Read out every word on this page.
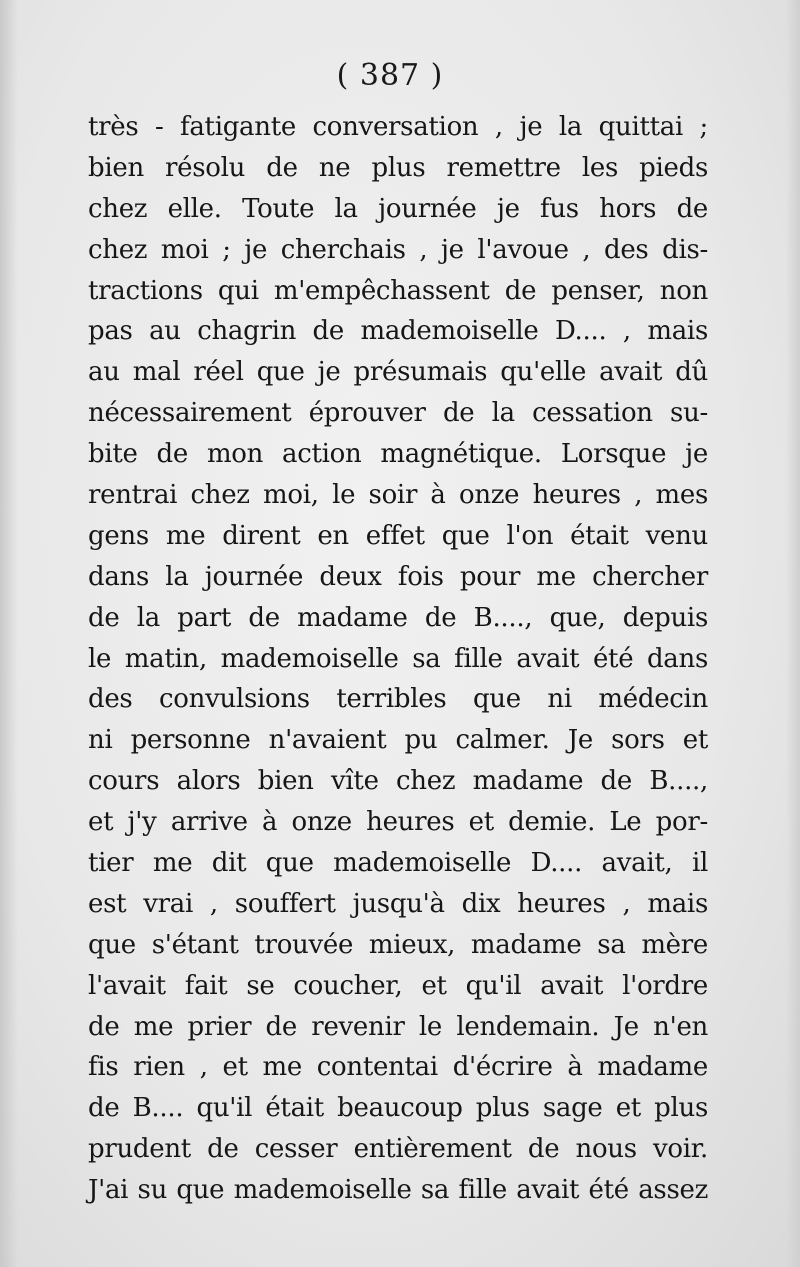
( 387 )
très - fatigante conversation , je la quittai ;
bien résolu de ne plus remettre les pieds
chez elle. Toute la journée je fus hors de
chez moi ; je cherchais , je l'avoue , des dis-
tractions qui m'empêchassent de penser, non
pas au chagrin de mademoiselle D.... , mais
au mal réel que je présumais qu'elle avait dû
nécessairement éprouver de la cessation su-
bite de mon action magnétique. Lorsque je
rentrai chez moi, le soir à onze heures , mes
gens me dirent en effet que l'on était venu
dans la journée deux fois pour me chercher
de la part de madame de B...., que, depuis
le matin, mademoiselle sa fille avait été dans
des convulsions terribles que ni médecin
ni personne n'avaient pu calmer. Je sors et
cours alors bien vîte chez madame de B....,
et j'y arrive à onze heures et demie. Le por-
tier me dit que mademoiselle D.... avait, il
est vrai , souffert jusqu'à dix heures , mais
que s'étant trouvée mieux, madame sa mère
l'avait fait se coucher, et qu'il avait l'ordre
de me prier de revenir le lendemain. Je n'en
fis rien , et me contentai d'écrire à madame
de B.... qu'il était beaucoup plus sage et plus
prudent de cesser entièrement de nous voir.
J'ai su que mademoiselle sa fille avait été assez
